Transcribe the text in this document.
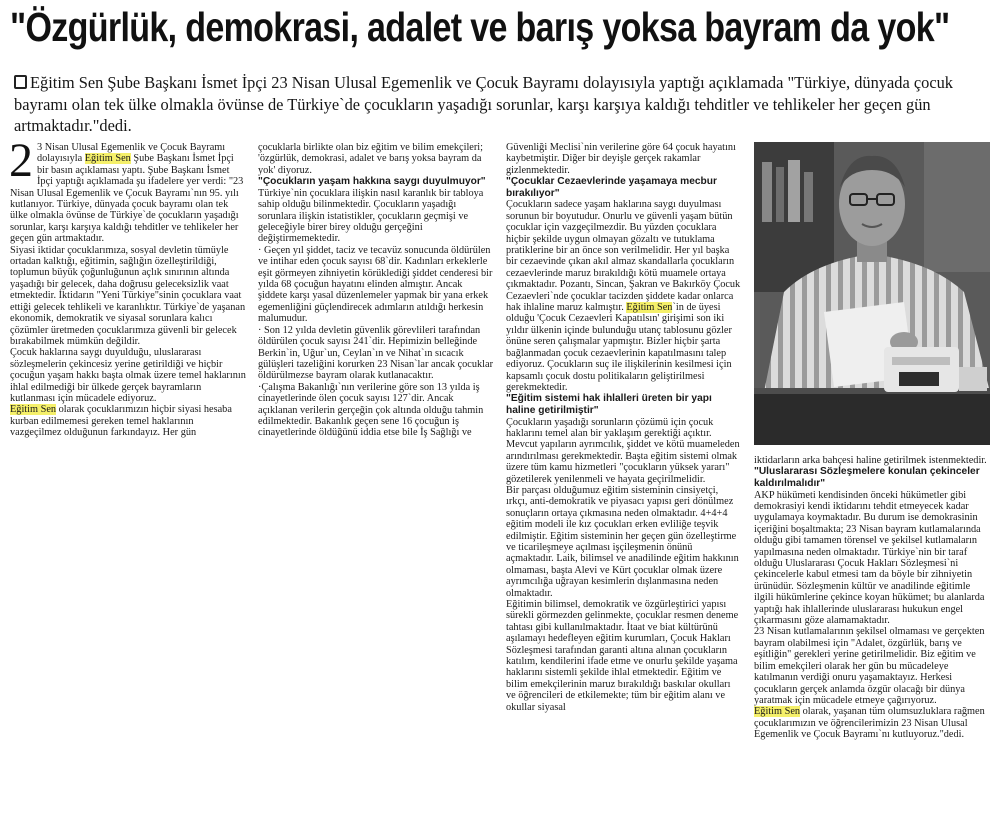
"Özgürlük, demokrasi, adalet ve barış yoksa bayram da yok"
Eğitim Sen Şube Başkanı İsmet İpçi 23 Nisan Ulusal Egemenlik ve Çocuk Bayramı dolayısıyla yaptığı açıklamada "Türkiye, dünyada çocuk bayramı olan tek ülke olmakla övünse de Türkiye`de çocukların yaşadığı sorunlar, karşı karşıya kaldığı tehditler ve tehlikeler her geçen gün artmaktadır."dedi.

2 3 Nisan Ulusal Egemenlik ve Çocuk Bayramı dolayısıyla Eğitim Sen Şube Başkanı İsmet İpçi bir basın açıklaması yaptı. Şube Başkanı İsmet İpçi yaptığı açıklamada şu ifadelere yer verdi: "23 Nisan Ulusal Egemenlik ve Çocuk Bayramı`nın 95. yılı kutlanıyor. Türkiye, dünyada çocuk bayramı olan tek ülke olmakla övünse de Türkiye`de çocukların yaşadığı sorunlar, karşı karşıya kaldığı tehditler ve tehlikeler her geçen gün artmaktadır.

Siyasi iktidar çocuklarımıza, sosyal devletin tümüyle ortadan kalktığı, eğitimin, sağlığın özelleştirildiği, toplumun büyük çoğunluğunun açlık sınırının altında yaşadığı bir gelecek, daha doğrusu geleceksizlik vaat etmektedir. İktidarın "Yeni Türkiye"sinin çocuklara vaat ettiği gelecek tehlikeli ve karanlıktır. Türkiye`de yaşanan ekonomik, demokratik ve siyasal sorunlara kalıcı çözümler üretmeden çocuklarımıza güvenli bir gelecek bırakabilmek mümkün değildir.

Çocuk haklarına saygı duyulduğu, uluslararası sözleşmelerin çekincesiz yerine getirildiği ve hiçbir çocuğun yaşam hakkı başta olmak üzere temel haklarının ihlal edilmediği bir ülkede gerçek bayramların kutlanması için mücadele ediyoruz.

Eğitim Sen olarak çocuklarımızın hiçbir siyasi hesaba kurban edilmemesi gereken temel haklarının vazgeçilmez olduğunun farkındayız. Her gün

çocuklarla birlikte olan biz eğitim ve bilim emekçileri; 'özgürlük, demokrasi, adalet ve barış yoksa bayram da yok' diyoruz.

"Çocukların yaşam hakkına saygı duyulmuyor"

Türkiye`nin çocuklara ilişkin nasıl karanlık bir tabloya sahip olduğu bilinmektedir. Çocukların yaşadığı sorunlara ilişkin istatistikler, çocukların geçmişi ve geleceğiyle birer birey olduğu gerçeğini değiştirmemektedir.

· Geçen yıl şiddet, taciz ve tecavüz sonucunda öldürülen ve intihar eden çocuk sayısı 68`dir. Kadınları erkeklerle eşit görmeyen zihniyetin körüklediği şiddet cenderesi bir yılda 68 çocuğun hayatını elinden almıştır. Ancak şiddete karşı yasal düzenlemeler yapmak bir yana erkek egemenliğini güçlendirecek adımların atıldığı herkesin malumudur.

· Son 12 yılda devletin güvenlik görevlileri tarafından öldürülen çocuk sayısı 241`dir. Hepimizin belleğinde Berkin`in, Uğur`un, Ceylan`ın ve Nihat`ın sıcacık gülüşleri tazeliğini korurken 23 Nisan`lar ancak çocuklar öldürülmezse bayram olarak kutlanacaktır.

·Çalışma Bakanlığı`nın verilerine göre son 13 yılda iş cinayetlerinde ölen çocuk sayısı 127`dir. Ancak açıklanan verilerin gerçeğin çok altında olduğu tahmin edilmektedir. Bakanlık geçen sene 16 çocuğun iş cinayetlerinde öldüğünü iddia etse bile İş Sağlığı ve

Güvenliği Meclisi`nin verilerine göre 64 çocuk hayatını kaybetmiştir. Diğer bir deyişle gerçek rakamlar gizlenmektedir.

"Çocuklar Cezaevlerinde yaşamaya mecbur bırakılıyor"

Çocukların sadece yaşam haklarına saygı duyulması sorunun bir boyutudur. Onurlu ve güvenli yaşam bütün çocuklar için vazgeçilmezdir. Bu yüzden çocuklara hiçbir şekilde uygun olmayan gözaltı ve tutuklama pratiklerine bir an önce son verilmelidir. Her yıl başka bir cezaevinde çıkan akıl almaz skandallarla çocukların cezaevlerinde maruz bırakıldığı kötü muamele ortaya çıkmaktadır. Pozantı, Sincan, Şakran ve Bakırköy Çocuk Cezaevleri`nde çocuklar tacizden şiddete kadar onlarca hak ihlaline maruz kalmıştır. Eğitim Sen`in de üyesi olduğu 'Çocuk Cezaevleri Kapatılsın' girişimi son iki yıldır ülkenin içinde bulunduğu utanç tablosunu gözler önüne seren çalışmalar yapmıştır. Bizler hiçbir şarta bağlanmadan çocuk cezaevlerinin kapatılmasını talep ediyoruz. Çocukların suç ile ilişkilerinin kesilmesi için kapsamlı çocuk dostu politikaların geliştirilmesi gerekmektedir.

"Eğitim sistemi hak ihlalleri üreten bir yapı haline getirilmiştir"

Çocukların yaşadığı sorunların çözümü için çocuk haklarını temel alan bir yaklaşım gerektiği açıktır. Mevcut yapıların ayrımcılık, şiddet ve kötü muameleden arındırılması gerekmektedir. Başta eğitim sistemi olmak üzere tüm kamu hizmetleri "çocukların yüksek yararı" gözetilerek yenilenmeli ve hayata geçirilmelidir.

Bir parçası olduğumuz eğitim sisteminin cinsiyetçi, ırkçı, anti-demokratik ve piyasacı yapısı geri dönülmez sonuçların ortaya çıkmasına neden olmaktadır. 4+4+4 eğitim modeli ile kız çocukları erken evliliğe teşvik edilmiştir. Eğitim sisteminin her geçen gün özelleştirme ve ticarileşmeye açılması işçileşmenin önünü açmaktadır. Laik, bilimsel ve anadilinde eğitim hakkının olmaması, başta Alevi ve Kürt çocuklar olmak üzere ayrımcılığa uğrayan kesimlerin dışlanmasına neden olmaktadır.

Eğitimin bilimsel, demokratik ve özgürleştirici yapısı sürekli görmezden gelinmekte, çocuklar resmen deneme tahtası gibi kullanılmaktadır. İtaat ve biat kültürünü aşılamayı hedefleyen eğitim kurumları, Çocuk Hakları Sözleşmesi tarafından garanti altına alınan çocukların katılım, kendilerini ifade etme ve onurlu şekilde yaşama haklarını sistemli şekilde ihlal etmektedir. Eğitim ve bilim emekçilerinin maruz bırakıldığı baskılar okulları ve öğrencileri de etkilemekte; tüm bir eğitim alanı ve okullar siyasal

iktidarların arka bahçesi haline getirilmek istenmektedir.

"Uluslararası Sözleşmelere konulan çekinceler kaldırılmalıdır"

AKP hükümeti kendisinden önceki hükümetler gibi demokrasiyi kendi iktidarını tehdit etmeyecek kadar uygulamaya koymaktadır. Bu durum ise demokrasinin içeriğini boşaltmakta; 23 Nisan bayram kutlamalarında olduğu gibi tamamen törensel ve şekilsel kutlamaların yapılmasına neden olmaktadır. Türkiye`nin bir taraf olduğu Uluslararası Çocuk Hakları Sözleşmesi`ni çekincelerle kabul etmesi tam da böyle bir zihniyetin ürünüdür. Sözleşmenin kültür ve anadilinde eğitimle ilgili hükümlerine çekince koyan hükümet; bu alanlarda yaptığı hak ihlallerinde uluslararası hukukun engel çıkarmasını göze alamamaktadır.

23 Nisan kutlamalarının şekilsel olmaması ve gerçekten bayram olabilmesi için "Adalet, özgürlük, barış ve eşitliğin" gerekleri yerine getirilmelidir. Biz eğitim ve bilim emekçileri olarak her gün bu mücadeleye katılmanın verdiği onuru yaşamaktayız. Herkesi çocukların gerçek anlamda özgür olacağı bir dünya yaratmak için mücadele etmeye çağırıyoruz.

Eğitim Sen olarak, yaşanan tüm olumsuzluklara rağmen çocuklarımızın ve öğrencilerimizin 23 Nisan Ulusal Egemenlik ve Çocuk Bayramı`nı kutluyoruz."dedi.
